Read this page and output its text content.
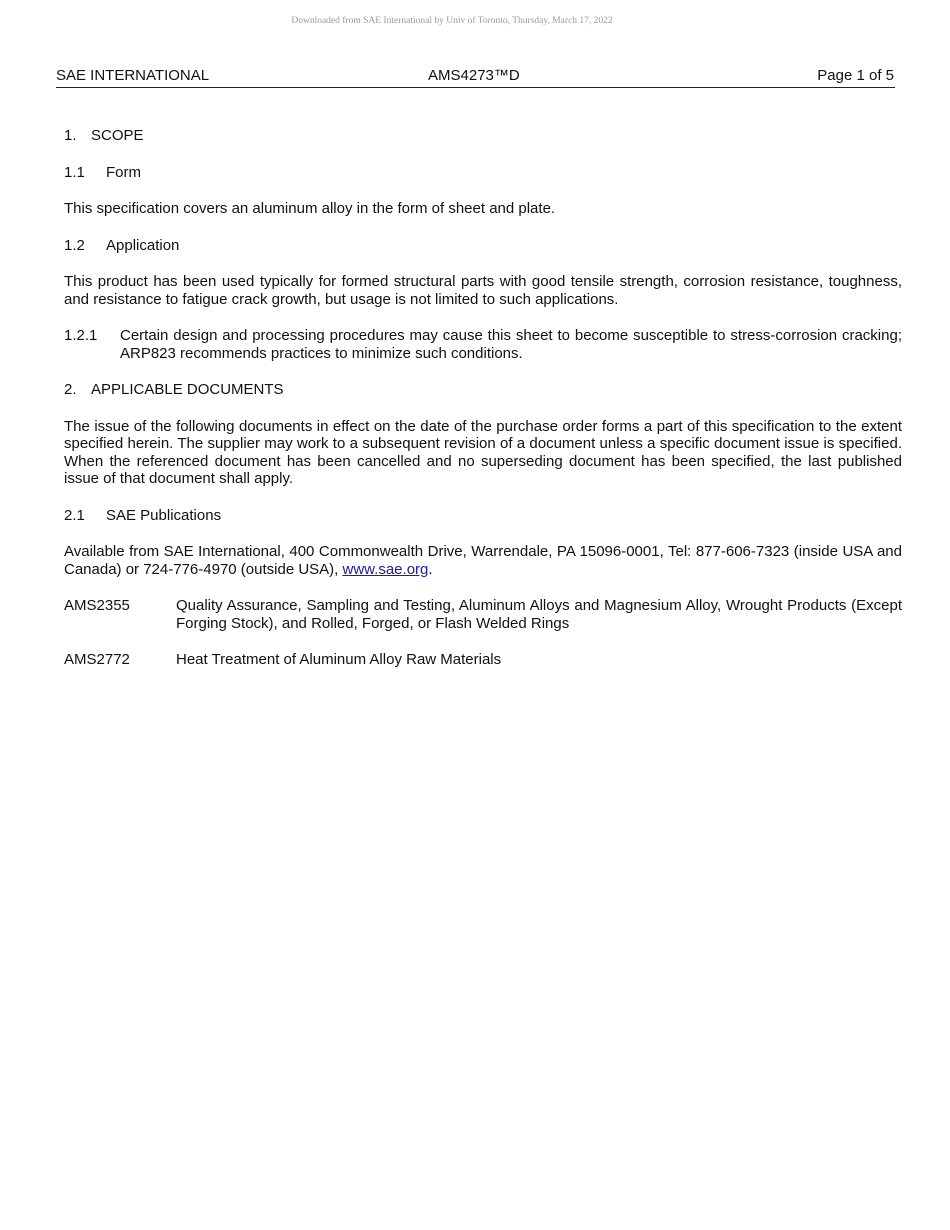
Downloaded from SAE International by Univ of Toronto, Thursday, March 17, 2022
SAE INTERNATIONAL	AMS4273™D	Page 1 of 5
1. SCOPE
1.1 Form

This specification covers an aluminum alloy in the form of sheet and plate.

1.2 Application

This product has been used typically for formed structural parts with good tensile strength, corrosion resistance, toughness, and resistance to fatigue crack growth, but usage is not limited to such applications.

1.2.1	Certain design and processing procedures may cause this sheet to become susceptible to stress-corrosion cracking; ARP823 recommends practices to minimize such conditions.
2. APPLICABLE DOCUMENTS

The issue of the following documents in effect on the date of the purchase order forms a part of this specification to the extent specified herein. The supplier may work to a subsequent revision of a document unless a specific document issue is specified. When the referenced document has been cancelled and no superseding document has been specified, the last published issue of that document shall apply.

2.1 SAE Publications

Available from SAE International, 400 Commonwealth Drive, Warrendale, PA 15096-0001, Tel: 877-606-7323 (inside USA and Canada) or 724-776-4970 (outside USA), www.sae.org.

AMS2355	Quality Assurance, Sampling and Testing, Aluminum Alloys and Magnesium Alloy, Wrought Products (Except Forging Stock), and Rolled, Forged, or Flash Welded Rings
AMS2772	Heat Treatment of Aluminum Alloy Raw Materials
